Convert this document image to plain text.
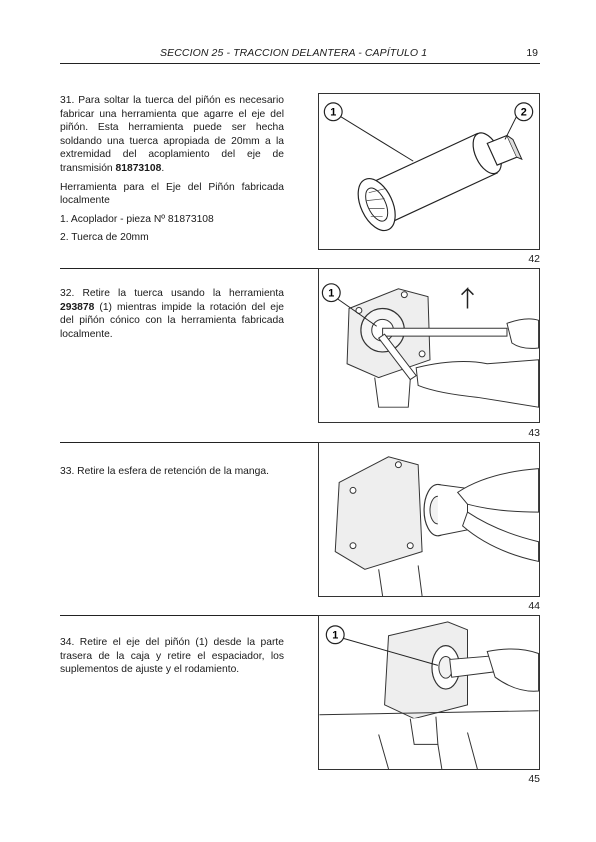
SECCION 25 - TRACCION DELANTERA - CAPÍTULO 1	19

31. Para soltar la tuerca del piñón es necesario fabricar una herramienta que agarre el eje del piñón. Esta herramienta puede ser hecha soldando una tuerca apropiada de 20mm a la extremidad del acoplamiento del eje de transmisión 81873108.

Herramienta para el Eje del Piñón fabricada localmente

1. Acoplador - pieza Nº 81873108

2. Tuerca de 20mm

1	2
42

32. Retire la tuerca usando la herramienta 293878 (1) mientras impide la rotación del eje del piñón cónico con la herramienta fabricada localmente.

1
43

33. Retire la esfera de retención de la manga.

44

34. Retire el eje del piñón (1) desde la parte trasera de la caja y retire el espaciador, los suplementos de ajuste y el rodamiento.

1
45
